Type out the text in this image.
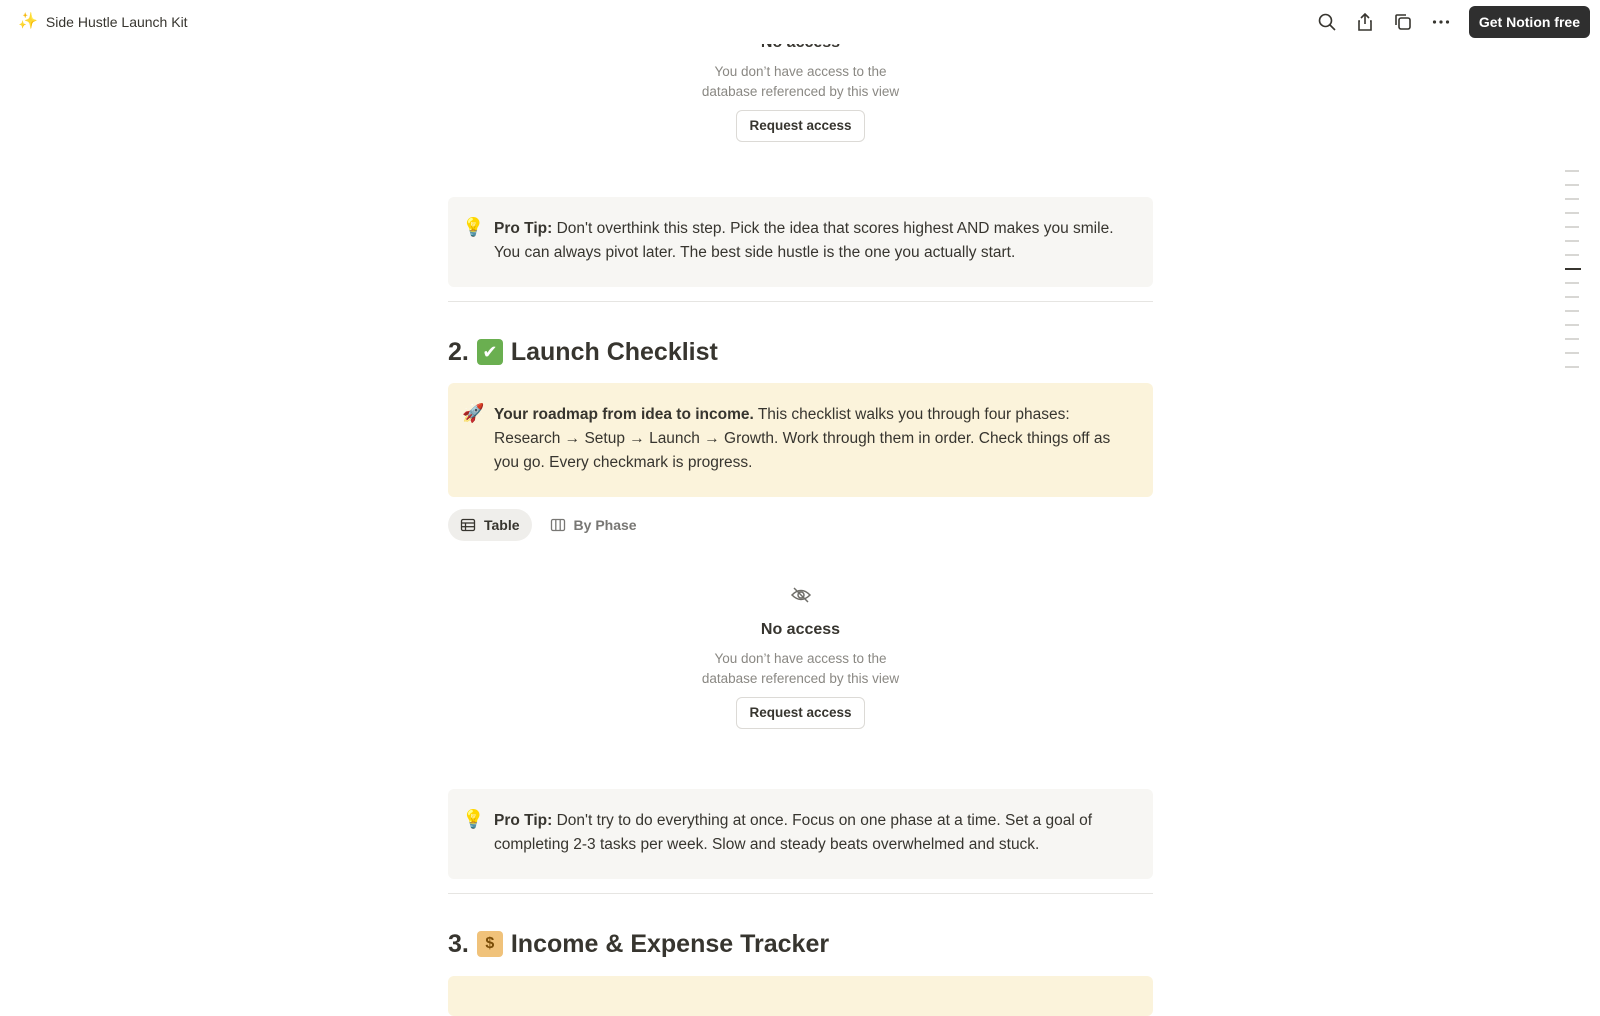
✨ Side Hustle Launch Kit	Get Notion free
You don’t have access to the database referenced by this view
Request access
💡 Pro Tip: Don't overthink this step. Pick the idea that scores highest AND makes you smile. You can always pivot later. The best side hustle is the one you actually start.
2. ✔ Launch Checklist
🚀 Your roadmap from idea to income. This checklist walks you through four phases: Research → Setup → Launch → Growth. Work through them in order. Check things off as you go. Every checkmark is progress.
Table	By Phase
No access
You don’t have access to the database referenced by this view
Request access
💡 Pro Tip: Don't try to do everything at once. Focus on one phase at a time. Set a goal of completing 2-3 tasks per week. Slow and steady beats overwhelmed and stuck.
3.	$ Income & Expense Tracker
